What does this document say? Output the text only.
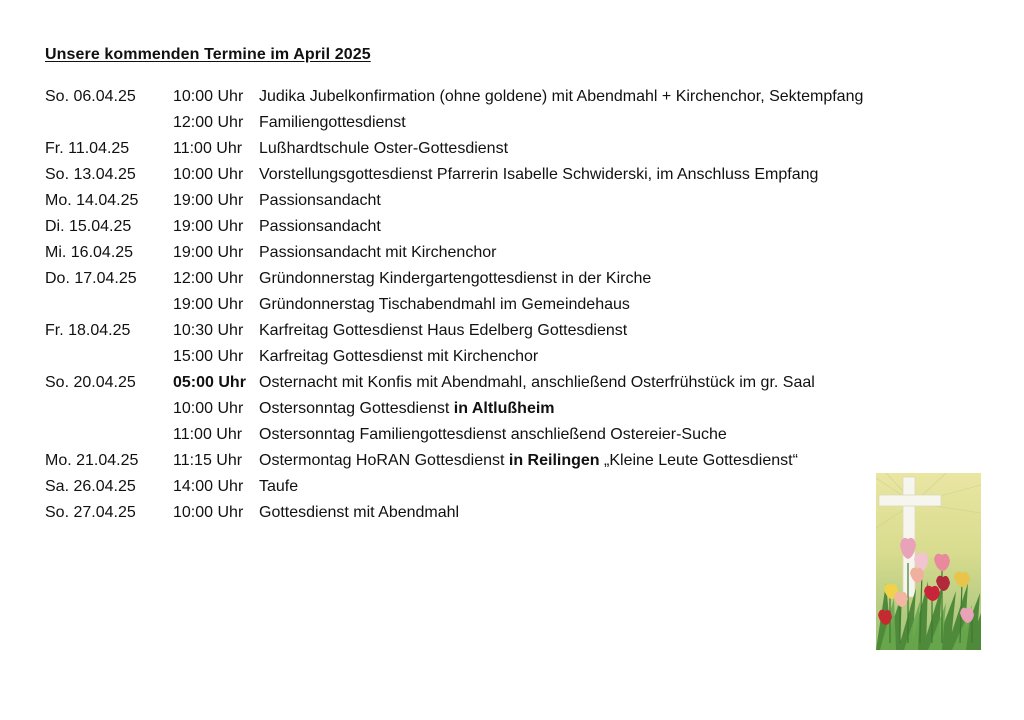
Unsere kommenden Termine im April 2025
So. 06.04.25	10:00 Uhr Judika Jubelkonfirmation (ohne goldene) mit Abendmahl + Kirchenchor, Sektempfang
12:00 Uhr Familiengottesdienst
Fr. 11.04.25	11:00 Uhr	Lußhardtschule Oster-Gottesdienst
So. 13.04.25	10:00 Uhr Vorstellungsgottesdienst Pfarrerin Isabelle Schwiderski, im Anschluss Empfang
Mo. 14.04.25	19:00 Uhr Passionsandacht
Di. 15.04.25	19:00 Uhr Passionsandacht
Mi. 16.04.25	19:00 Uhr Passionsandacht mit Kirchenchor
Do. 17.04.25	12:00 Uhr Gründonnerstag Kindergartengottesdienst in der Kirche
19:00 Uhr Gründonnerstag Tischabendmahl im Gemeindehaus
Fr. 18.04.25	10:30 Uhr Karfreitag Gottesdienst Haus Edelberg Gottesdienst
15:00 Uhr Karfreitag Gottesdienst mit Kirchenchor
So. 20.04.25	05:00 Uhr Osternacht mit Konfis mit Abendmahl, anschließend Osterfrühstück im gr. Saal
10:00 Uhr Ostersonntag Gottesdienst in Altlußheim
11:00 Uhr	Ostersonntag Familiengottesdienst anschließend Ostereier-Suche
Mo. 21.04.25	11:15 Uhr	Ostermontag HoRAN Gottesdienst in Reilingen „Kleine Leute Gottesdienst“
Sa. 26.04.25	14:00 Uhr Taufe
So. 27.04.25	10:00 Uhr Gottesdienst mit Abendmahl
